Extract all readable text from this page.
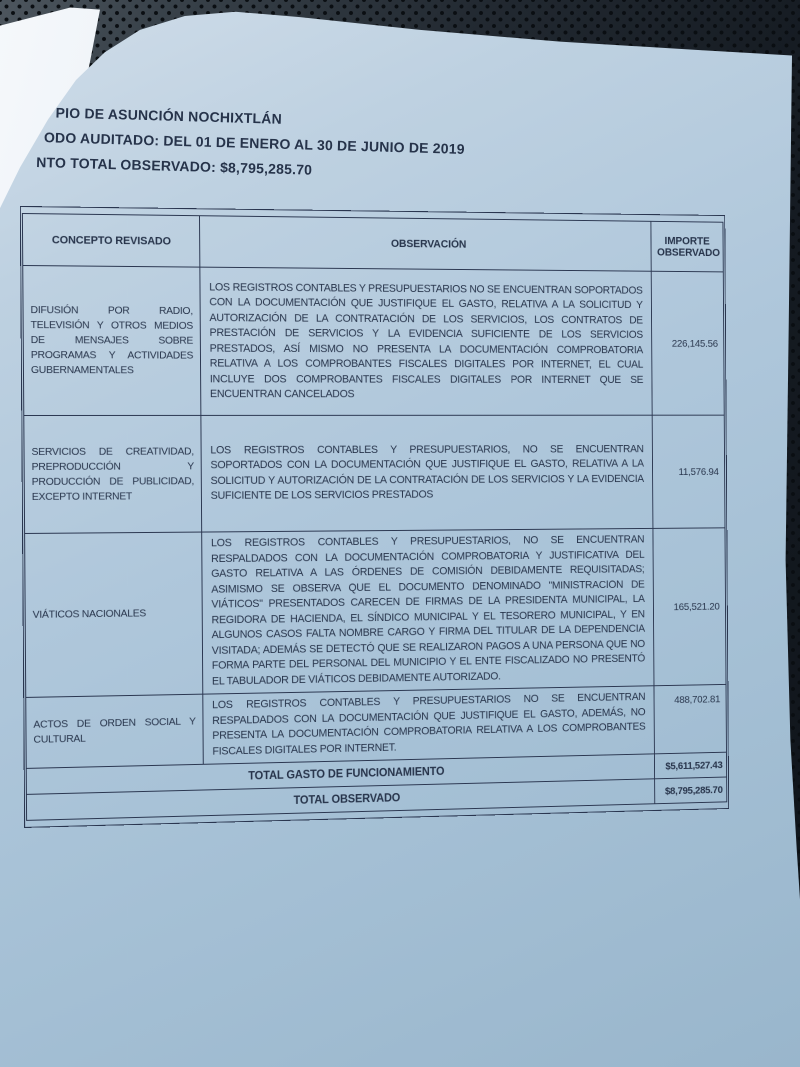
PIO DE ASUNCIÓN NOCHIXTLÁN
ODO AUDITADO: DEL 01 DE ENERO AL 30 DE JUNIO DE 2019
NTO TOTAL OBSERVADO: $8,795,285.70
CONCEPTO REVISADO	OBSERVACIÓN	IMPORTE OBSERVADO
DIFUSIÓN POR RADIO, TELEVISIÓN Y OTROS MEDIOS DE MENSAJES SOBRE PROGRAMAS Y ACTIVIDADES GUBERNAMENTALES	LOS REGISTROS CONTABLES Y PRESUPUESTARIOS NO SE ENCUENTRAN SOPORTADOS CON LA DOCUMENTACIÓN QUE JUSTIFIQUE EL GASTO, RELATIVA A LA SOLICITUD Y AUTORIZACIÓN DE LA CONTRATACIÓN DE LOS SERVICIOS, LOS CONTRATOS DE PRESTACIÓN DE SERVICIOS Y LA EVIDENCIA SUFICIENTE DE LOS SERVICIOS PRESTADOS, ASÍ MISMO NO PRESENTA LA DOCUMENTACIÓN COMPROBATORIA RELATIVA A LOS COMPROBANTES FISCALES DIGITALES POR INTERNET, EL CUAL INCLUYE DOS COMPROBANTES FISCALES DIGITALES POR INTERNET QUE SE ENCUENTRAN CANCELADOS	226,145.56
SERVICIOS DE CREATIVIDAD, PREPRODUCCIÓN Y PRODUCCIÓN DE PUBLICIDAD, EXCEPTO INTERNET	LOS REGISTROS CONTABLES Y PRESUPUESTARIOS, NO SE ENCUENTRAN SOPORTADOS CON LA DOCUMENTACIÓN QUE JUSTIFIQUE EL GASTO, RELATIVA A LA SOLICITUD Y AUTORIZACIÓN DE LA CONTRATACIÓN DE LOS SERVICIOS Y LA EVIDENCIA SUFICIENTE DE LOS SERVICIOS PRESTADOS	11,576.94
VIÁTICOS NACIONALES	LOS REGISTROS CONTABLES Y PRESUPUESTARIOS, NO SE ENCUENTRAN RESPALDADOS CON LA DOCUMENTACIÓN COMPROBATORIA Y JUSTIFICATIVA DEL GASTO RELATIVA A LAS ÓRDENES DE COMISIÓN DEBIDAMENTE REQUISITADAS; ASIMISMO SE OBSERVA QUE EL DOCUMENTO DENOMINADO "MINISTRACION DE VIÁTICOS" PRESENTADOS CARECEN DE FIRMAS DE LA PRESIDENTA MUNICIPAL, LA REGIDORA DE HACIENDA, EL SÍNDICO MUNICIPAL Y EL TESORERO MUNICIPAL, Y EN ALGUNOS CASOS FALTA NOMBRE CARGO Y FIRMA DEL TITULAR DE LA DEPENDENCIA VISITADA; ADEMÁS SE DETECTÓ QUE SE REALIZARON PAGOS A UNA PERSONA QUE NO FORMA PARTE DEL PERSONAL DEL MUNICIPIO Y EL ENTE FISCALIZADO NO PRESENTÓ EL TABULADOR DE VIÁTICOS DEBIDAMENTE AUTORIZADO.	165,521.20
ACTOS DE ORDEN SOCIAL Y CULTURAL	LOS REGISTROS CONTABLES Y PRESUPUESTARIOS NO SE ENCUENTRAN RESPALDADOS CON LA DOCUMENTACIÓN QUE JUSTIFIQUE EL GASTO, ADEMÁS, NO PRESENTA LA DOCUMENTACIÓN COMPROBATORIA RELATIVA A LOS COMPROBANTES FISCALES DIGITALES POR INTERNET.	488,702.81
TOTAL GASTO DE FUNCIONAMIENTO		$5,611,527.43
TOTAL OBSERVADO		$8,795,285.70
